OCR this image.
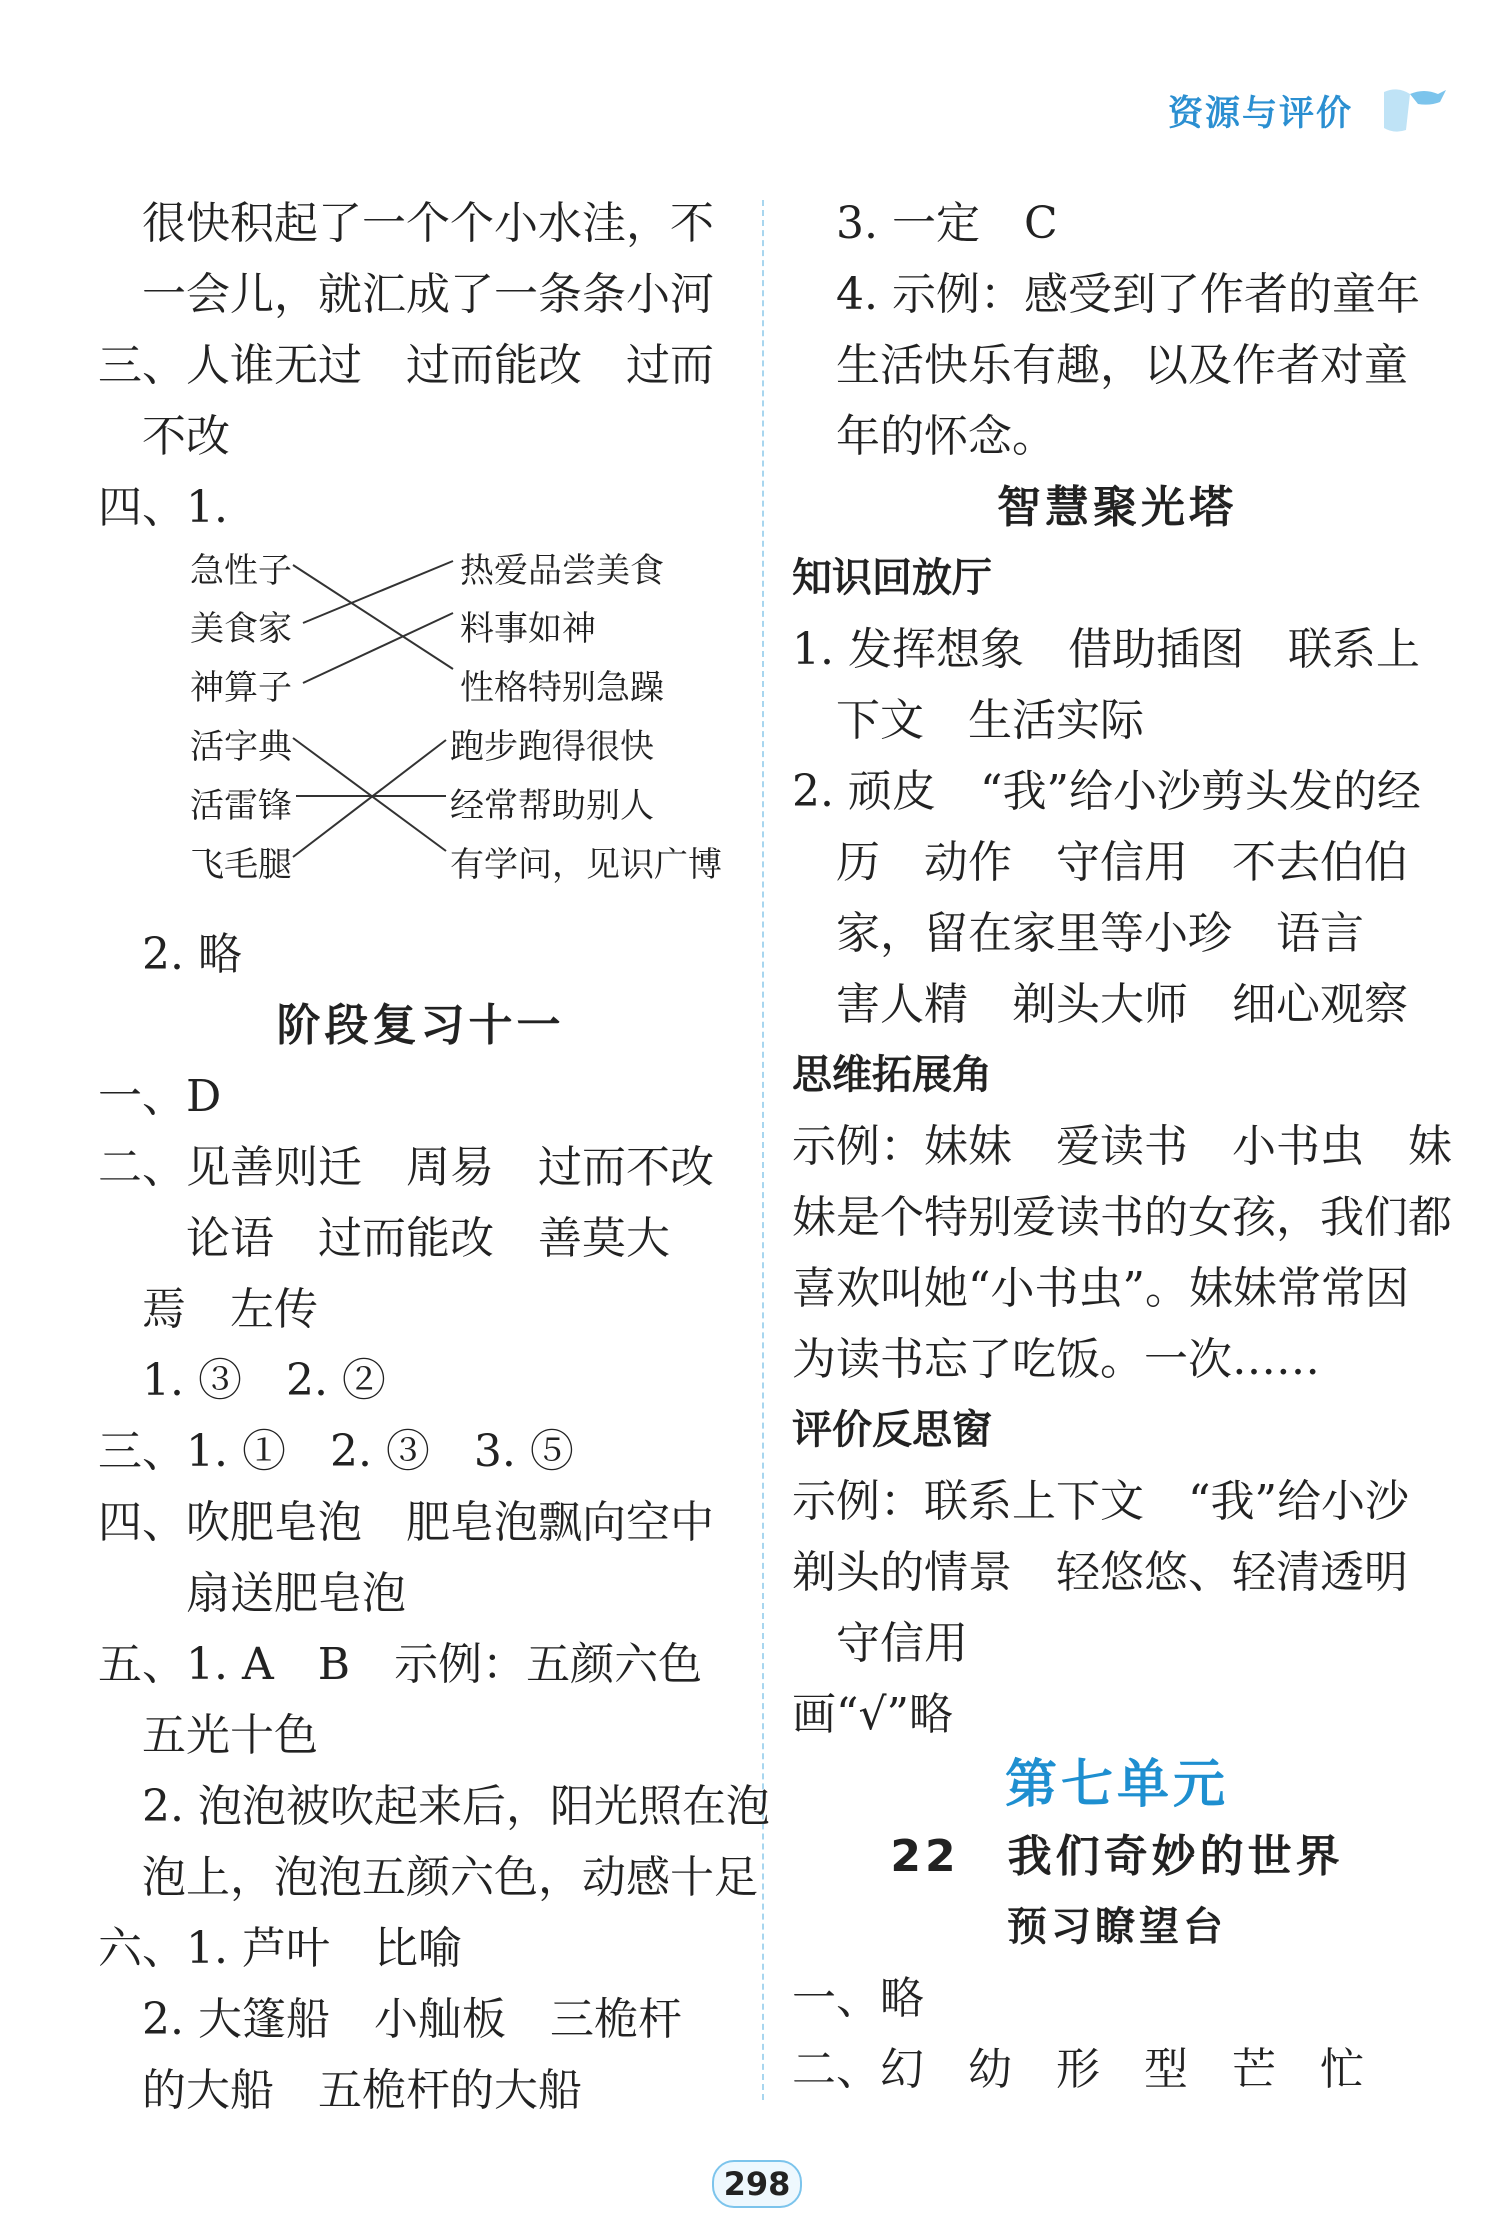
资源与评价
　很快积起了一个个小水洼，不
　一会儿，就汇成了一条条小河
三、人谁无过　过而能改　过而
　不改
四、1.
急性子
美食家
神算子
热爱品尝美食
料事如神
性格特别急躁
活字典
活雷锋
飞毛腿
跑步跑得很快
经常帮助别人
有学问，见识广博
　2. 略
阶段复习十一
一、D
二、见善则迁　周易　过而不改
　　论语　过而能改　善莫大
　焉　左传
　1. ③　2. ②
三、1. ①　2. ③　3. ⑤
四、吹肥皂泡　肥皂泡飘向空中
　　扇送肥皂泡
五、1. A　B　示例：五颜六色
　五光十色
　2. 泡泡被吹起来后，阳光照在泡
　泡上，泡泡五颜六色，动感十足
六、1. 芦叶　比喻
　2. 大篷船　小舢板　三桅杆
　的大船　五桅杆的大船
　3. 一定　C
　4. 示例：感受到了作者的童年
　生活快乐有趣，以及作者对童
　年的怀念。
智慧聚光塔
知识回放厅
1. 发挥想象　借助插图　联系上
　下文　生活实际
2. 顽皮　“我”给小沙剪头发的经
　历　动作　守信用　不去伯伯
　家，留在家里等小珍　语言
　害人精　剃头大师　细心观察
思维拓展角
示例：妹妹　爱读书　小书虫　妹
妹是个特别爱读书的女孩，我们都
喜欢叫她“小书虫”。妹妹常常因
为读书忘了吃饭。一次……
评价反思窗
示例：联系上下文　“我”给小沙
剃头的情景　轻悠悠、轻清透明
　守信用
画“√”略
第七单元
22　我们奇妙的世界
预习瞭望台
一、略
二、幻　幼　形　型　芒　忙
298
